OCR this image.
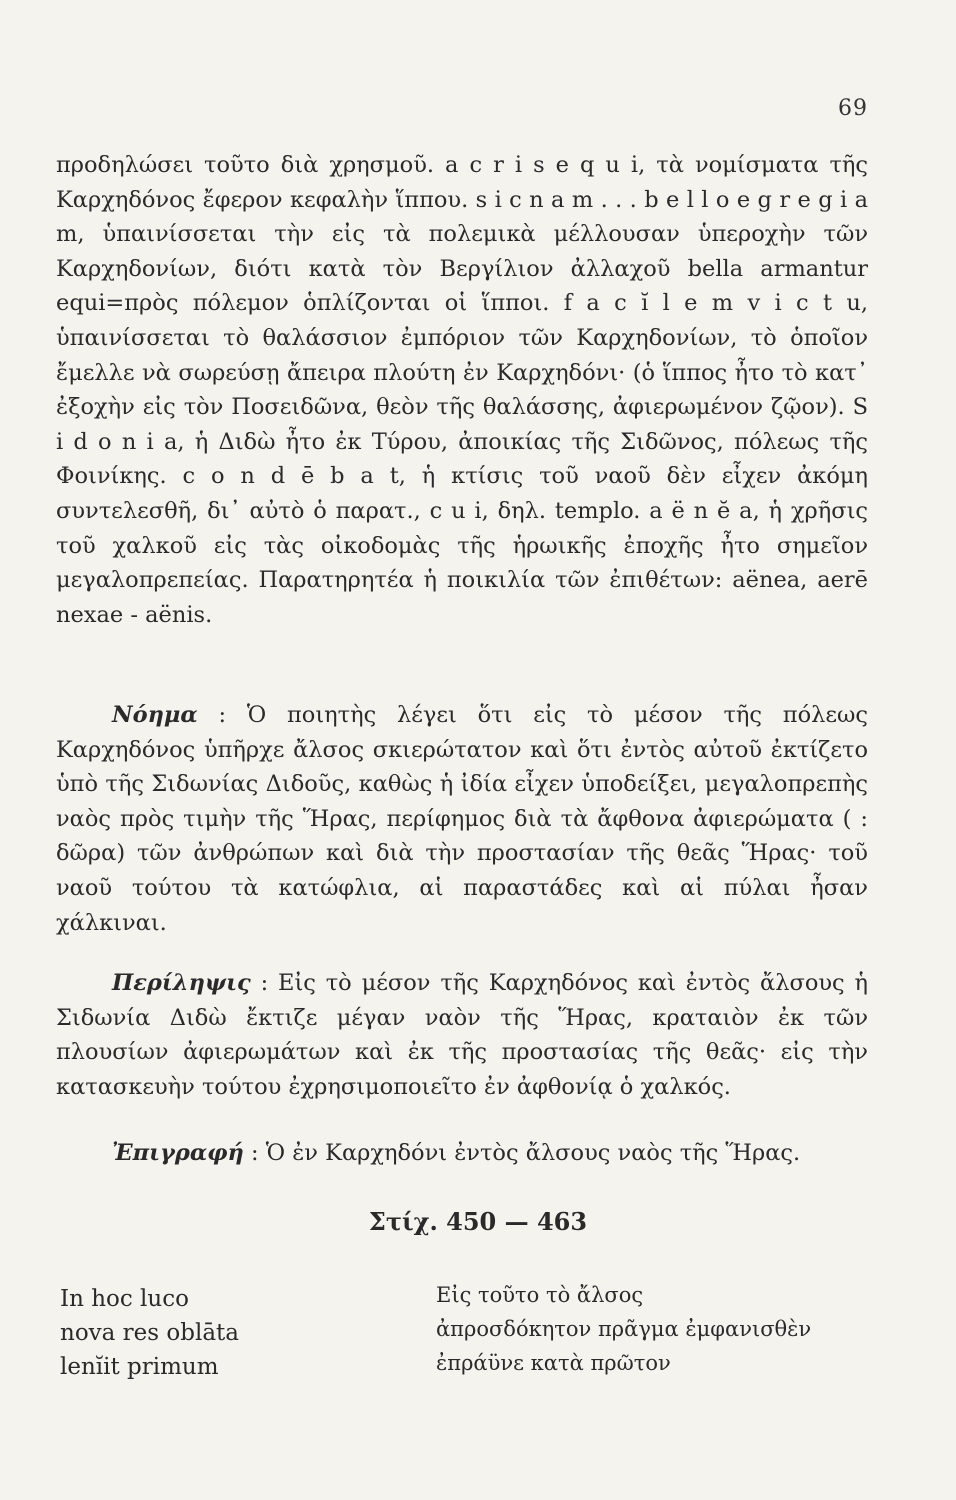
69
προδηλώσει τοῦτο διὰ χρησμοῦ. a c r i s e q u i, τὰ νομίσματα τῆς Καρχηδόνος ἔφερον κεφαλὴν ἵππου. s i c n a m . . . b e l l o e g r e g i a m, ὑπαινίσσεται τὴν εἰς τὰ πολεμικὰ μέλλουσαν ὑπεροχὴν τῶν Καρχηδονίων, διότι κατὰ τὸν Βεργίλιον ἀλλαχοῦ bella armantur equi=πρὸς πόλεμον ὁπλίζονται οἱ ἵπποι. f a c ĭ l e m v i c t u, ὑπαινίσσεται τὸ θαλάσσιον ἐμπόριον τῶν Καρχηδονίων, τὸ ὁποῖον ἔμελλε νὰ σωρεύσῃ ἄπειρα πλούτη ἐν Καρχηδόνι· (ὁ ἵππος ἦτο τὸ κατ᾽ ἐξοχὴν εἰς τὸν Ποσειδῶνα, θεὸν τῆς θαλάσσης, ἀφιερωμένον ζῷον). S i d o n i a, ἡ Διδὼ ἦτο ἐκ Τύρου, ἀποικίας τῆς Σιδῶνος, πόλεως τῆς Φοινίκης. c o n d ē b a t, ἡ κτίσις τοῦ ναοῦ δὲν εἶχεν ἀκόμη συντελεσθῆ, δι᾽ αὐτὸ ὁ παρατ., c u i, δηλ. templo. a ë n ĕ a, ἡ χρῆσις τοῦ χαλκοῦ εἰς τὰς οἰκοδομὰς τῆς ἡρωικῆς ἐποχῆς ἦτο σημεῖον μεγαλοπρεπείας. Παρατηρητέα ἡ ποικιλία τῶν ἐπιθέτων: aënea, aerē nexae - aënis.

Νόημα : Ὁ ποιητὴς λέγει ὅτι εἰς τὸ μέσον τῆς πόλεως Καρχηδόνος ὑπῆρχε ἄλσος σκιερώτατον καὶ ὅτι ἐντὸς αὐτοῦ ἐκτίζετο ὑπὸ τῆς Σιδωνίας Διδοῦς, καθὼς ἡ ἰδία εἶχεν ὑποδείξει, μεγαλοπρεπὴς ναὸς πρὸς τιμὴν τῆς Ἥρας, περίφημος διὰ τὰ ἄφθονα ἀφιερώματα ( : δῶρα) τῶν ἀνθρώπων καὶ διὰ τὴν προστασίαν τῆς θεᾶς Ἥρας· τοῦ ναοῦ τούτου τὰ κατώφλια, αἱ παραστάδες καὶ αἱ πύλαι ἦσαν χάλκιναι.

Περίληψις : Εἰς τὸ μέσον τῆς Καρχηδόνος καὶ ἐντὸς ἄλσους ἡ Σιδωνία Διδὼ ἔκτιζε μέγαν ναὸν τῆς Ἥρας, κραταιὸν ἐκ τῶν πλουσίων ἀφιερωμάτων καὶ ἐκ τῆς προστασίας τῆς θεᾶς· εἰς τὴν κατασκευὴν τούτου ἐχρησιμοποιεῖτο ἐν ἀφθονίᾳ ὁ χαλκός.

Ἐπιγραφή : Ὁ ἐν Καρχηδόνι ἐντὸς ἄλσους ναὸς τῆς Ἥρας.

Στίχ. 450 — 463
In hoc luco
nova res oblāta
lenĭit primum
Εἰς τοῦτο τὸ ἄλσος
ἀπροσδόκητον πρᾶγμα ἐμφανισθὲν
ἐπράϋνε κατὰ πρῶτον
